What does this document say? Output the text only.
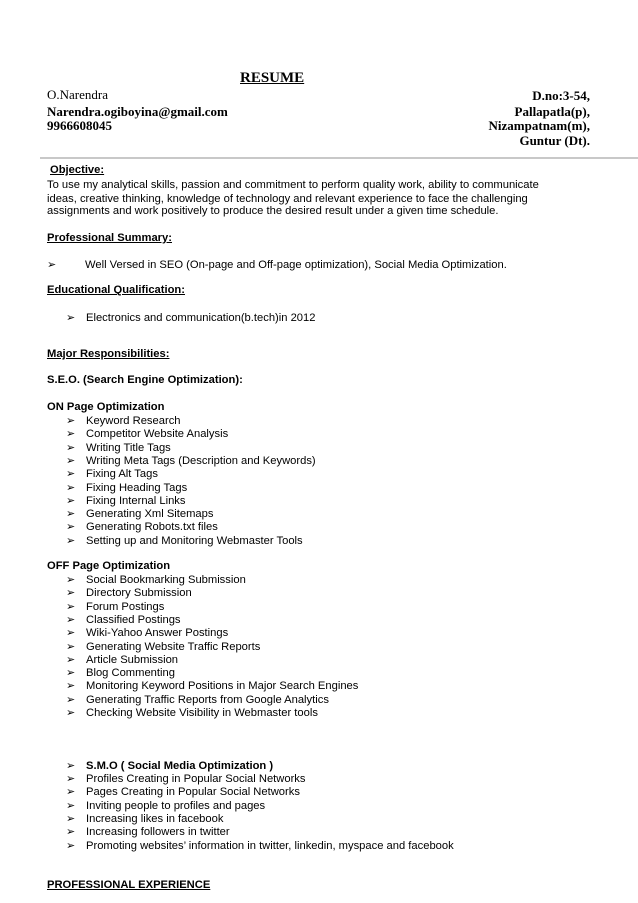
RESUME
O.Narendra
Narendra.ogiboyina@gmail.com
9966608045
D.no:3-54,
Pallapatla(p),
Nizampatnam(m),
Guntur (Dt).
Objective:
To use my analytical skills, passion and commitment to perform quality work, ability to communicate
ideas, creative thinking, knowledge of technology and relevant experience to face the challenging
assignments and work positively to produce the desired result under a given time schedule.
Professional Summary:
➢	Well Versed in SEO (On-page and Off-page optimization), Social Media Optimization.
Educational Qualification:
➢ Electronics and communication(b.tech)in 2012
Major Responsibilities:
S.E.O. (Search Engine Optimization):
ON Page Optimization
➢ Keyword Research
➢ Competitor Website Analysis
➢ Writing Title Tags
➢ Writing Meta Tags (Description and Keywords)
➢ Fixing Alt Tags
➢ Fixing Heading Tags
➢ Fixing Internal Links
➢ Generating Xml Sitemaps
➢ Generating Robots.txt files
➢ Setting up and Monitoring Webmaster Tools
OFF Page Optimization
➢ Social Bookmarking Submission
➢ Directory Submission
➢ Forum Postings
➢ Classified Postings
➢ Wiki-Yahoo Answer Postings
➢ Generating Website Traffic Reports
➢ Article Submission
➢ Blog Commenting
➢ Monitoring Keyword Positions in Major Search Engines
➢ Generating Traffic Reports from Google Analytics
➢ Checking Website Visibility in Webmaster tools
➢ S.M.O ( Social Media Optimization )
➢ Profiles Creating in Popular Social Networks
➢ Pages Creating in Popular Social Networks
➢ Inviting people to profiles and pages
➢ Increasing likes in facebook
➢ Increasing followers in twitter
➢ Promoting websites’ information in twitter, linkedin, myspace and facebook
PROFESSIONAL EXPERIENCE
